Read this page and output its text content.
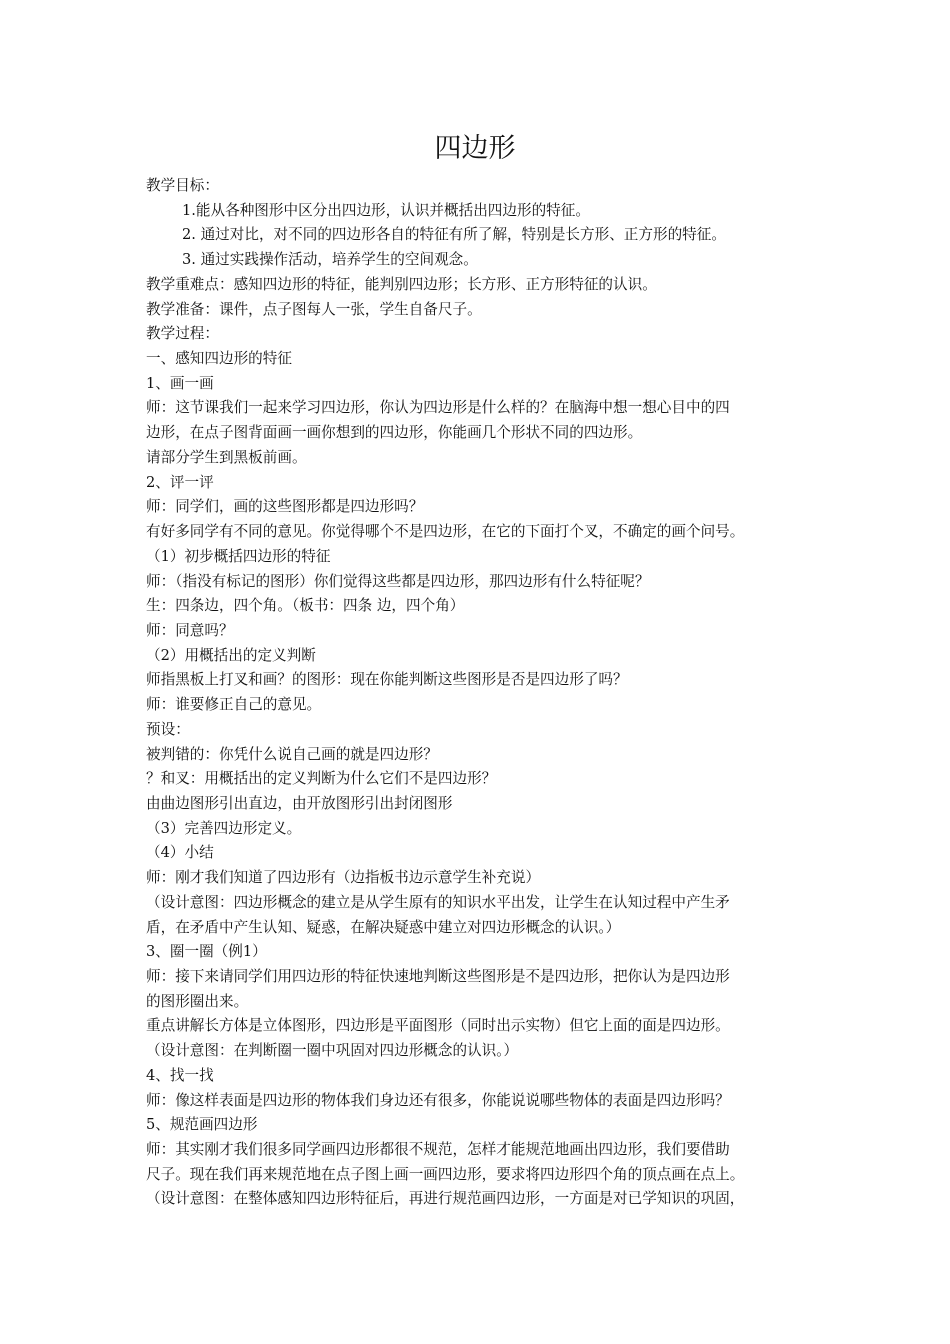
四边形
教学目标：
1.能从各种图形中区分出四边形，认识并概括出四边形的特征。
2. 通过对比，对不同的四边形各自的特征有所了解，特别是长方形、正方形的特征。
3. 通过实践操作活动，培养学生的空间观念。
教学重难点：感知四边形的特征，能判别四边形；长方形、正方形特征的认识。
教学准备：课件，点子图每人一张，学生自备尺子。
教学过程：
一、感知四边形的特征
1、画一画
师：这节课我们一起来学习四边形，你认为四边形是什么样的？在脑海中想一想心目中的四
边形，在点子图背面画一画你想到的四边形，你能画几个形状不同的四边形。
请部分学生到黑板前画。
2、评一评
师：同学们，画的这些图形都是四边形吗？
有好多同学有不同的意见。你觉得哪个不是四边形，在它的下面打个叉，不确定的画个问号。
（1）初步概括四边形的特征
师：（指没有标记的图形）你们觉得这些都是四边形，那四边形有什么特征呢？
生：四条边，四个角。（板书：四条 边，四个角）
师：同意吗？
（2）用概括出的定义判断
师指黑板上打叉和画？的图形：现在你能判断这些图形是否是四边形了吗？
师：谁要修正自己的意见。
预设：
被判错的：你凭什么说自己画的就是四边形？
？和叉：用概括出的定义判断为什么它们不是四边形？
由曲边图形引出直边，由开放图形引出封闭图形
（3）完善四边形定义。
（4）小结
师：刚才我们知道了四边形有（边指板书边示意学生补充说）
（设计意图：四边形概念的建立是从学生原有的知识水平出发，让学生在认知过程中产生矛
盾，在矛盾中产生认知、疑惑，在解决疑惑中建立对四边形概念的认识。）
3、圈一圈（例1）
师：接下来请同学们用四边形的特征快速地判断这些图形是不是四边形，把你认为是四边形
的图形圈出来。
重点讲解长方体是立体图形，四边形是平面图形（同时出示实物）但它上面的面是四边形。
（设计意图：在判断圈一圈中巩固对四边形概念的认识。）
4、找一找
师：像这样表面是四边形的物体我们身边还有很多，你能说说哪些物体的表面是四边形吗？
5、规范画四边形
师：其实刚才我们很多同学画四边形都很不规范，怎样才能规范地画出四边形，我们要借助
尺子。现在我们再来规范地在点子图上画一画四边形，要求将四边形四个角的顶点画在点上。
（设计意图：在整体感知四边形特征后，再进行规范画四边形，一方面是对已学知识的巩固，
